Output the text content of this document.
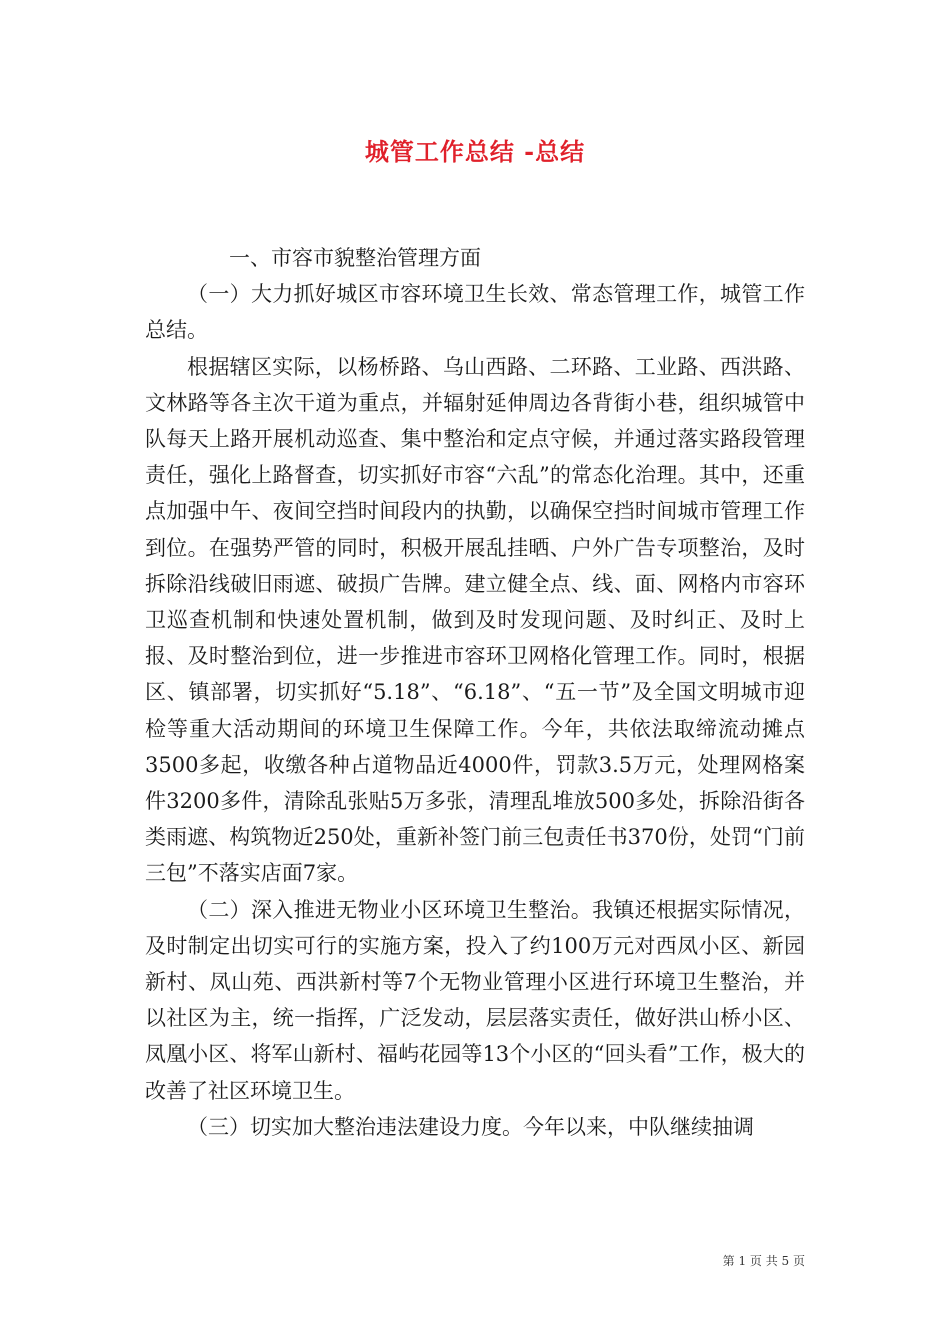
城管工作总结 -总结

一、市容市貌整治管理方面

（一）大力抓好城区市容环境卫生长效、常态管理工作，城管工作总结。

根据辖区实际，以杨桥路、乌山西路、二环路、工业路、西洪路、文林路等各主次干道为重点，并辐射延伸周边各背街小巷，组织城管中队每天上路开展机动巡查、集中整治和定点守候，并通过落实路段管理责任，强化上路督查，切实抓好市容“六乱”的常态化治理。其中，还重点加强中午、夜间空挡时间段内的执勤，以确保空挡时间城市管理工作到位。在强势严管的同时，积极开展乱挂晒、户外广告专项整治，及时拆除沿线破旧雨遮、破损广告牌。建立健全点、线、面、网格内市容环卫巡查机制和快速处置机制，做到及时发现问题、及时纠正、及时上报、及时整治到位，进一步推进市容环卫网格化管理工作。同时，根据区、镇部署，切实抓好“5.18”、“6.18”、“五一节”及全国文明城市迎检等重大活动期间的环境卫生保障工作。今年，共依法取缔流动摊点3500多起，收缴各种占道物品近4000件，罚款3.5万元，处理网格案件3200多件，清除乱张贴5万多张，清理乱堆放500多处，拆除沿街各类雨遮、构筑物近250处，重新补签门前三包责任书370份，处罚“门前三包”不落实店面7家。

（二）深入推进无物业小区环境卫生整治。我镇还根据实际情况，及时制定出切实可行的实施方案，投入了约100万元对西凤小区、新园新村、凤山苑、西洪新村等7个无物业管理小区进行环境卫生整治，并以社区为主，统一指挥，广泛发动，层层落实责任，做好洪山桥小区、凤凰小区、将军山新村、福屿花园等13个小区的“回头看”工作，极大的改善了社区环境卫生。

（三）切实加大整治违法建设力度。今年以来，中队继续抽调

第 1 页 共 5 页
